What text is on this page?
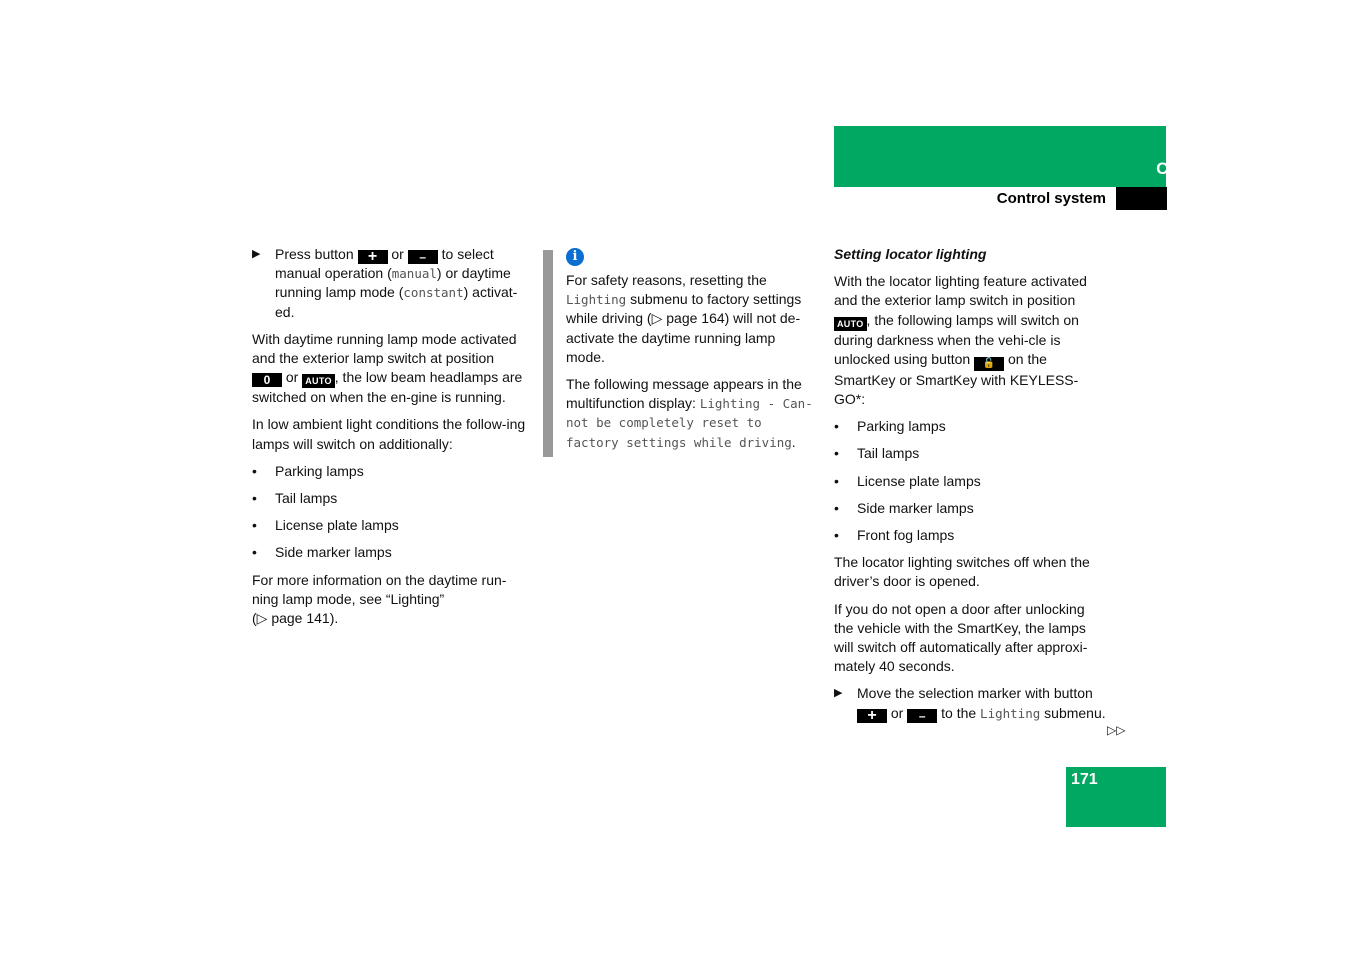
Controls in detail
Control system

▶ Press button + or – to select manual operation (manual) or daytime running lamp mode (constant) activat-ed.

With daytime running lamp mode activated and the exterior lamp switch at position 0 or AUTO , the low beam headlamps are switched on when the en-gine is running.

In low ambient light conditions the follow-ing lamps will switch on additionally:

• Parking lamps

• Tail lamps

• License plate lamps

• Side marker lamps

For more information on the daytime run-ning lamp mode, see “Lighting”
(▷ page 141).

i

For safety reasons, resetting the Lighting submenu to factory settings while driving (▷ page 164) will not de-activate the daytime running lamp mode.

The following message appears in the multifunction display: Lighting - Can-not be completely reset to factory settings while driving.

Setting locator lighting

With the locator lighting feature activated and the exterior lamp switch in position AUTO , the following lamps will switch on during darkness when the vehi-cle is unlocked using button 🔓 on the SmartKey or SmartKey with KEYLESS-GO*:

• Parking lamps

• Tail lamps

• License plate lamps

• Side marker lamps

• Front fog lamps

The locator lighting switches off when the driver’s door is opened.

If you do not open a door after unlocking the vehicle with the SmartKey, the lamps will switch off automatically after approxi-mately 40 seconds.

▶ Move the selection marker with button + or – to the Lighting submenu.

▷▷
171
